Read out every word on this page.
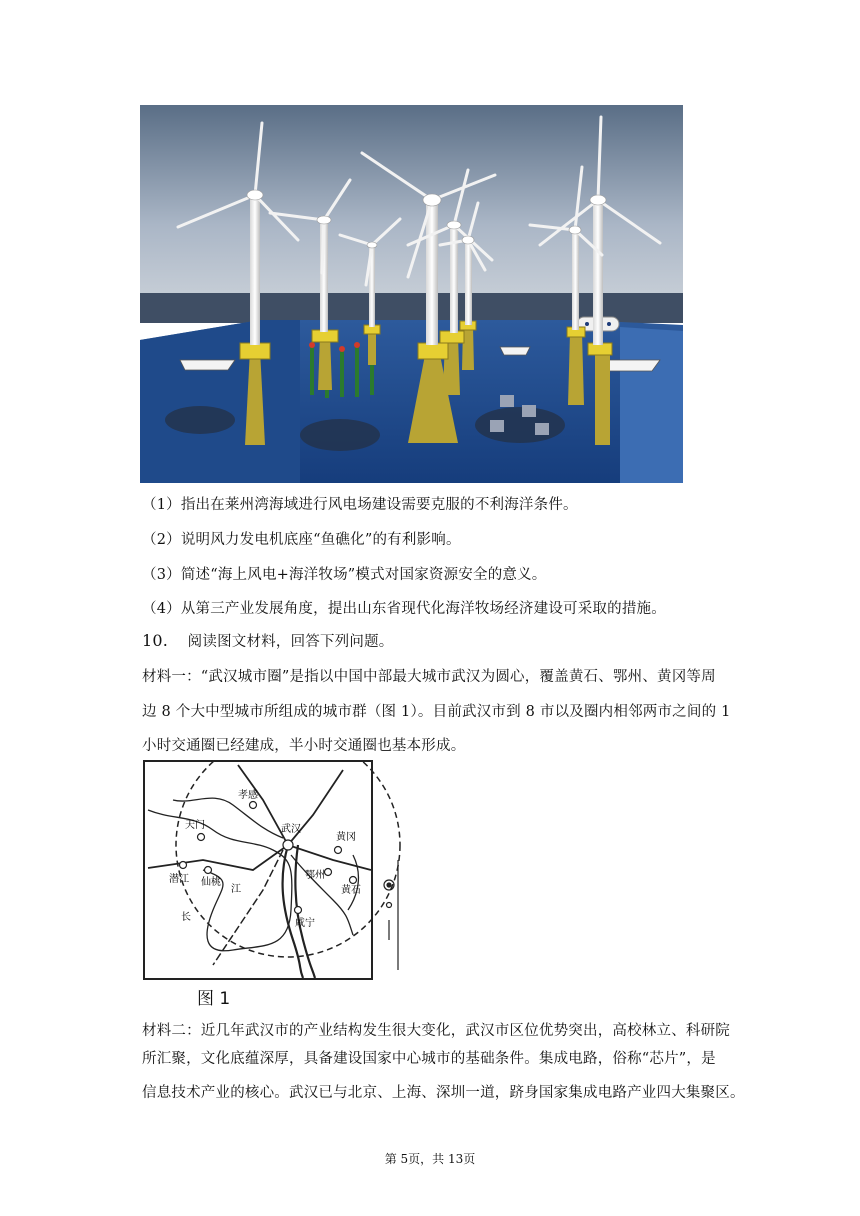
（1）指出在莱州湾海域进行风电场建设需要克服的不利海洋条件。
（2）说明风力发电机底座“鱼礁化”的有利影响。
（3）简述“海上风电+海洋牧场”模式对国家资源安全的意义。
（4）从第三产业发展角度，提出山东省现代化海洋牧场经济建设可采取的措施。
10. 阅读图文材料，回答下列问题。
材料一：“武汉城市圈”是指以中国中部最大城市武汉为圆心，覆盖黄石、鄂州、黄冈等周
边 8 个大中型城市所组成的城市群（图 1）。目前武汉市到 8 市以及圈内相邻两市之间的 1
小时交通圈已经建成，半小时交通圈也基本形成。
孝感
天门	武汉
黄冈
潜江 仙桃
鄂州
黄石
咸宁
江
长
图 1
材料二：近几年武汉市的产业结构发生很大变化，武汉市区位优势突出，高校林立、科研院
所汇聚，文化底蕴深厚，具备建设国家中心城市的基础条件。集成电路，俗称“芯片”，是
信息技术产业的核心。武汉已与北京、上海、深圳一道，跻身国家集成电路产业四大集聚区。
第 5页，共 13页
